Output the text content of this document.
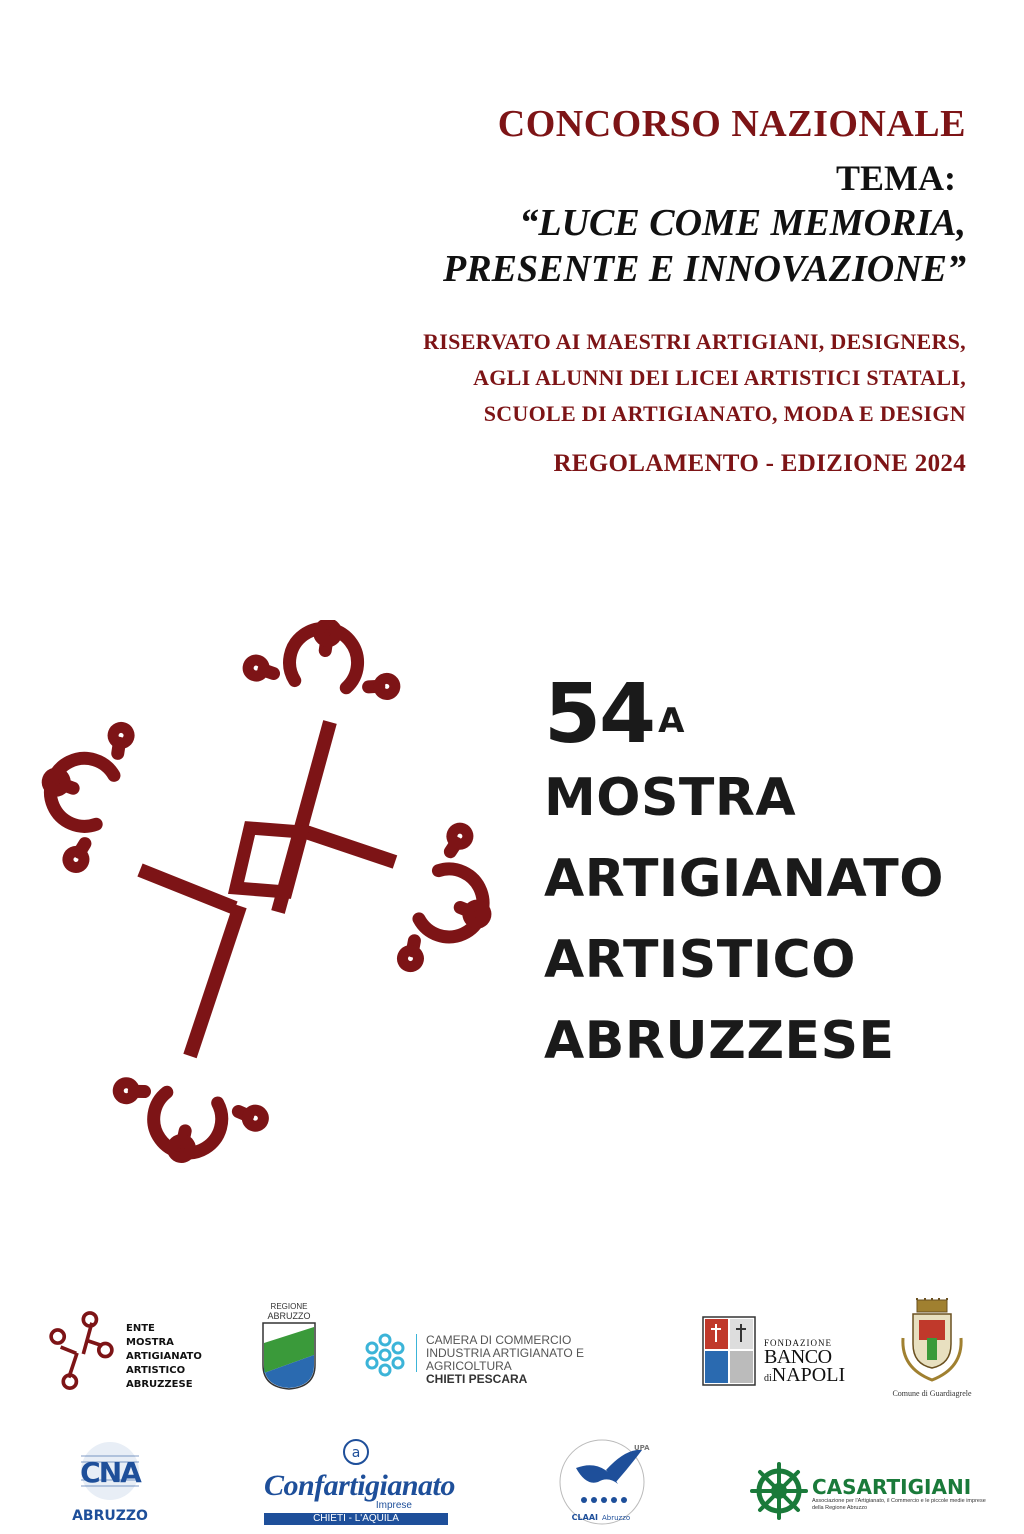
CONCORSO NAZIONALE
TEMA:
“LUCE COME MEMORIA,
PRESENTE E INNOVAZIONE”
RISERVATO AI MAESTRI ARTIGIANI, DESIGNERS,
AGLI ALUNNI DEI LICEI ARTISTICI STATALI,
SCUOLE DI ARTIGIANATO, MODA E DESIGN
REGOLAMENTO - EDIZIONE 2024
54 $^A$
MOSTRA
ARTIGIANATO
ARTISTICO
ABRUZZESE
ENTE
MOSTRA
ARTIGIANATO
ARTISTICO
ABRUZZESE
REGIONE
ABRUZZO
CAMERA DI COMMERCIO
INDUSTRIA ARTIGIANATO E AGRICOLTURA
CHIETI PESCARA
FONDAZIONE
BANCO
diNAPOLI
Comune di Guardiagrele
CNA
ABRUZZO
a
Confartigianato
Imprese
CHIETI - L'AQUILA
UPA
CLAAI Abruzzo
CASARTIGIANI
Associazione per l'Artigianato, il Commercio e le piccole medie imprese
della Regione Abruzzo
